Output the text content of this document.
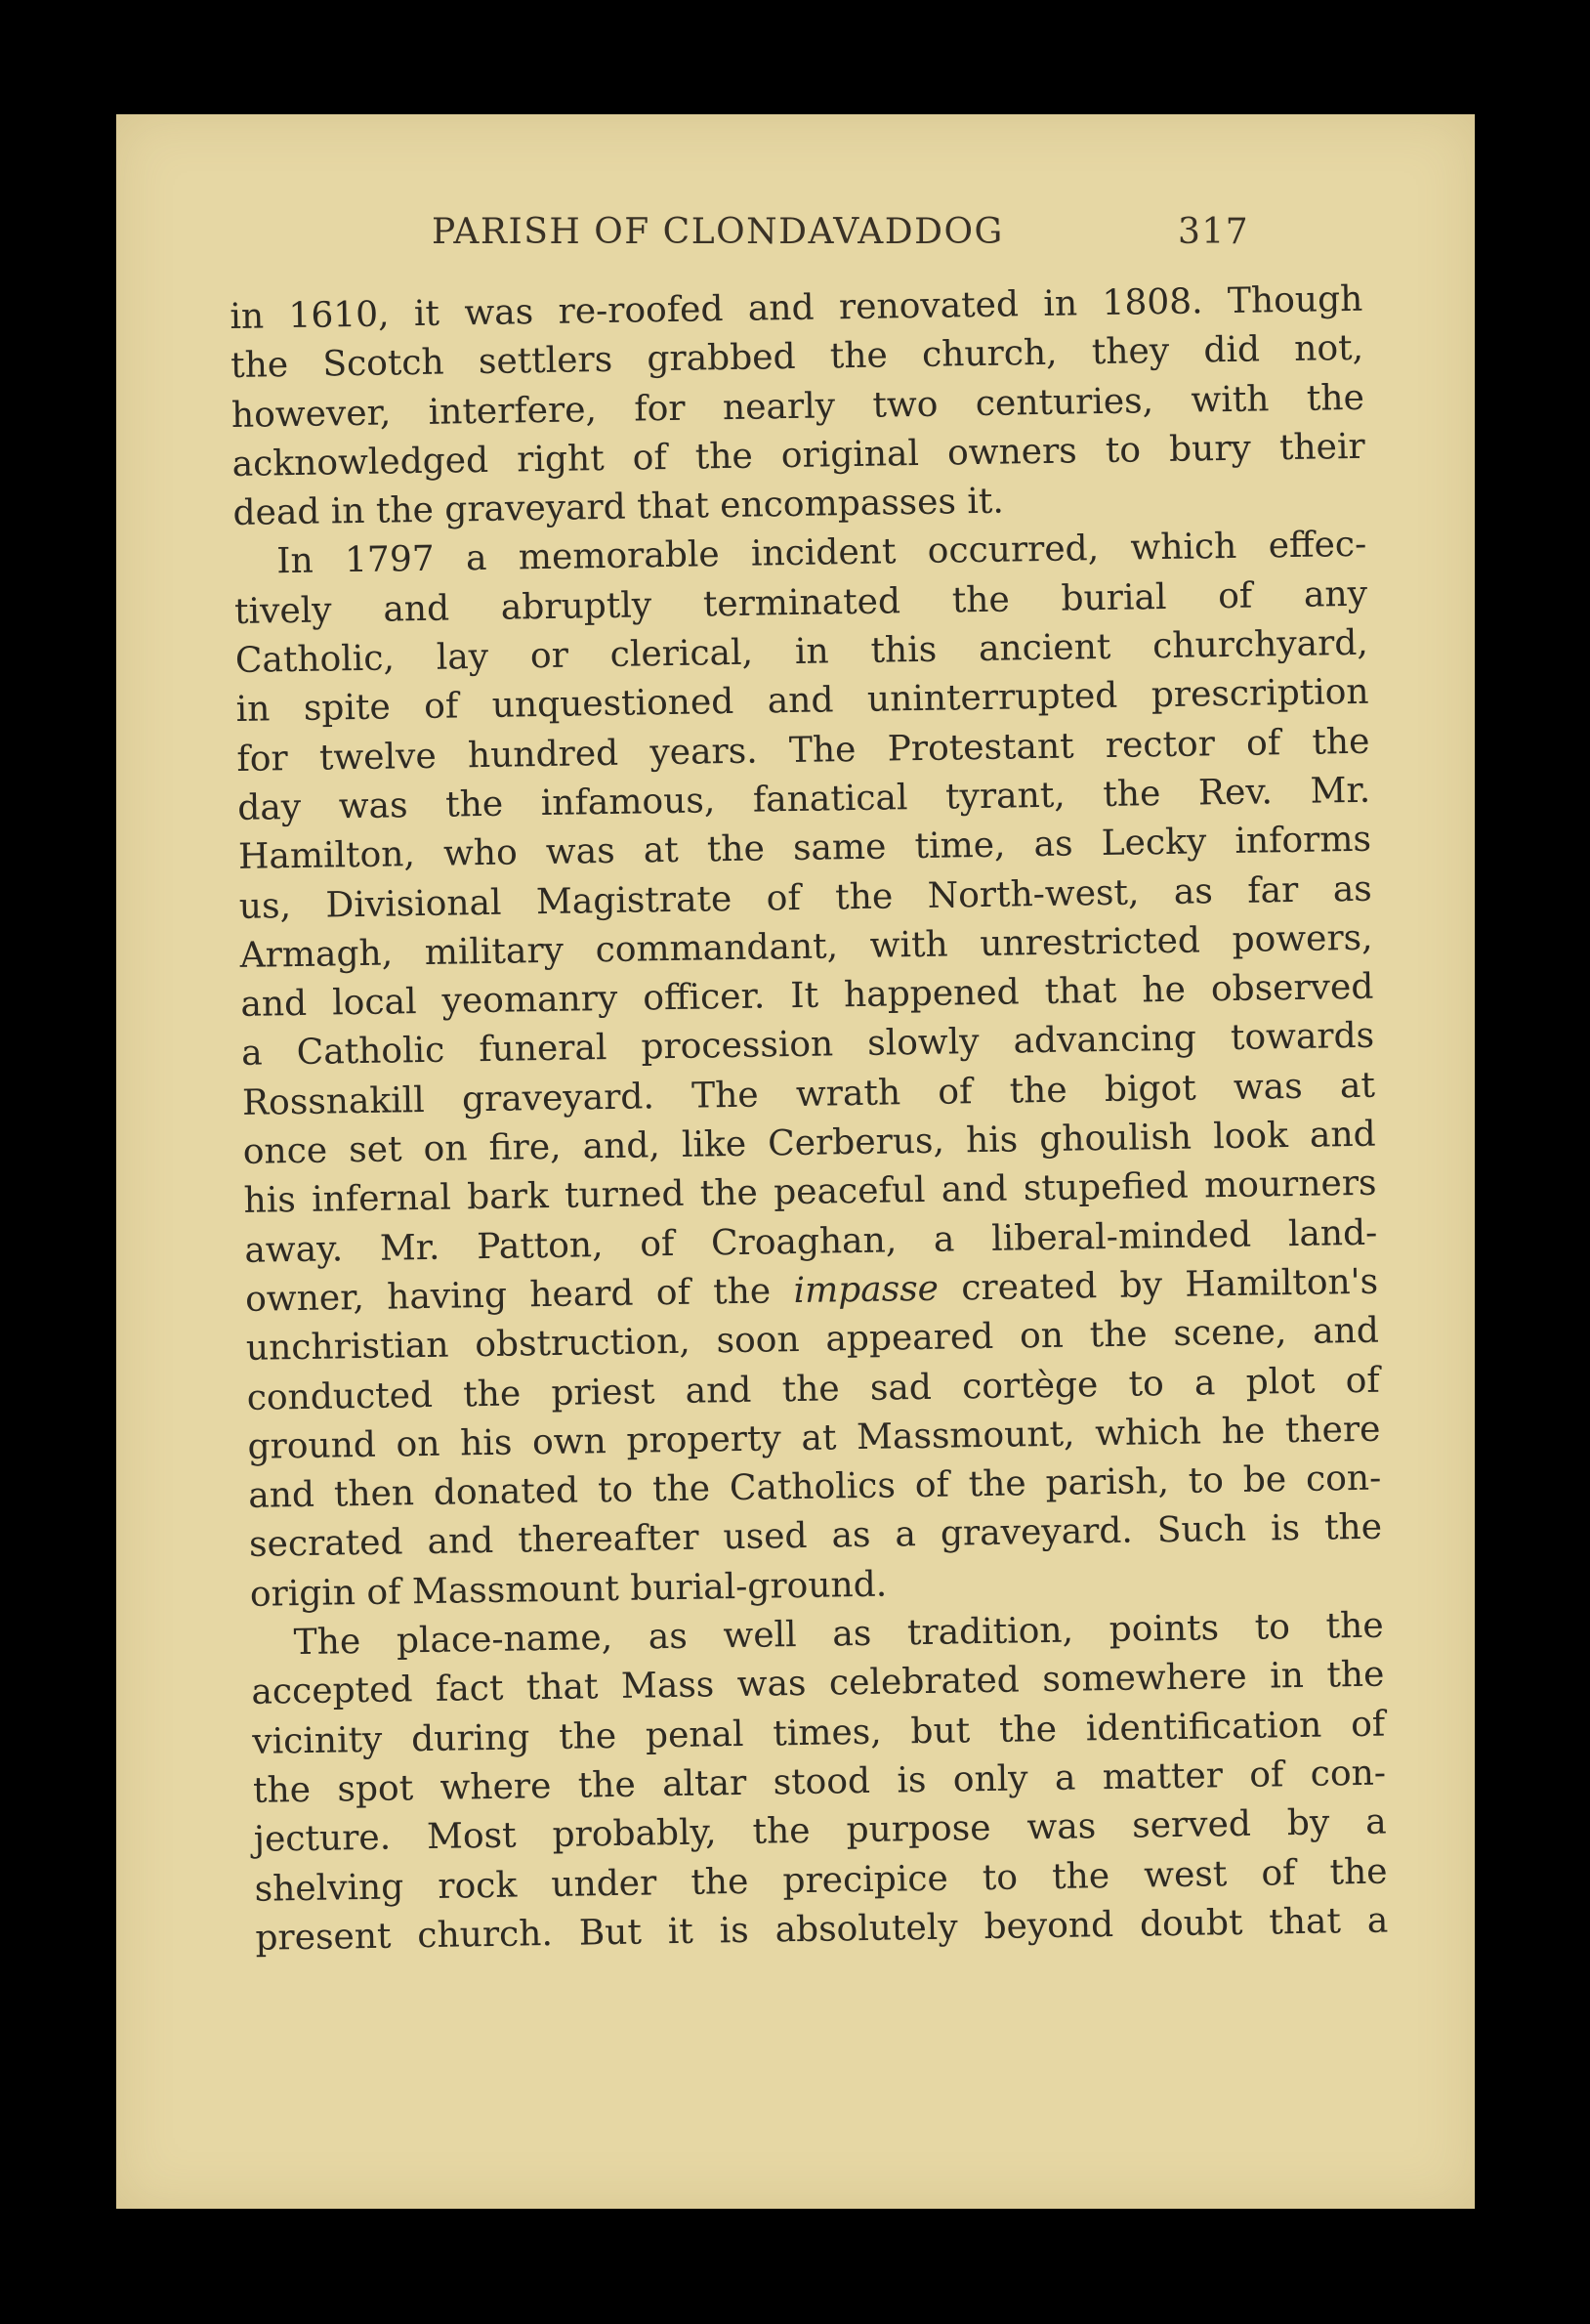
PARISH OF CLONDAVADDOG	317
in 1610, it was re-roofed and renovated in 1808. Though
the Scotch settlers grabbed the church, they did not,
however, interfere, for nearly two centuries, with the
acknowledged right of the original owners to bury their
dead in the graveyard that encompasses it.
In 1797 a memorable incident occurred, which effec-
tively and abruptly terminated the burial of any
Catholic, lay or clerical, in this ancient churchyard,
in spite of unquestioned and uninterrupted prescription
for twelve hundred years. The Protestant rector of the
day was the infamous, fanatical tyrant, the Rev. Mr.
Hamilton, who was at the same time, as Lecky informs
us, Divisional Magistrate of the North-west, as far as
Armagh, military commandant, with unrestricted powers,
and local yeomanry officer. It happened that he observed
a Catholic funeral procession slowly advancing towards
Rossnakill graveyard. The wrath of the bigot was at
once set on fire, and, like Cerberus, his ghoulish look and
his infernal bark turned the peaceful and stupefied mourners
away. Mr. Patton, of Croaghan, a liberal-minded land-
owner, having heard of the impasse created by Hamilton's
unchristian obstruction, soon appeared on the scene, and
conducted the priest and the sad cortège to a plot of
ground on his own property at Massmount, which he there
and then donated to the Catholics of the parish, to be con-
secrated and thereafter used as a graveyard. Such is the
origin of Massmount burial-ground.
The place-name, as well as tradition, points to the
accepted fact that Mass was celebrated somewhere in the
vicinity during the penal times, but the identification of
the spot where the altar stood is only a matter of con-
jecture. Most probably, the purpose was served by a
shelving rock under the precipice to the west of the
present church. But it is absolutely beyond doubt that a
